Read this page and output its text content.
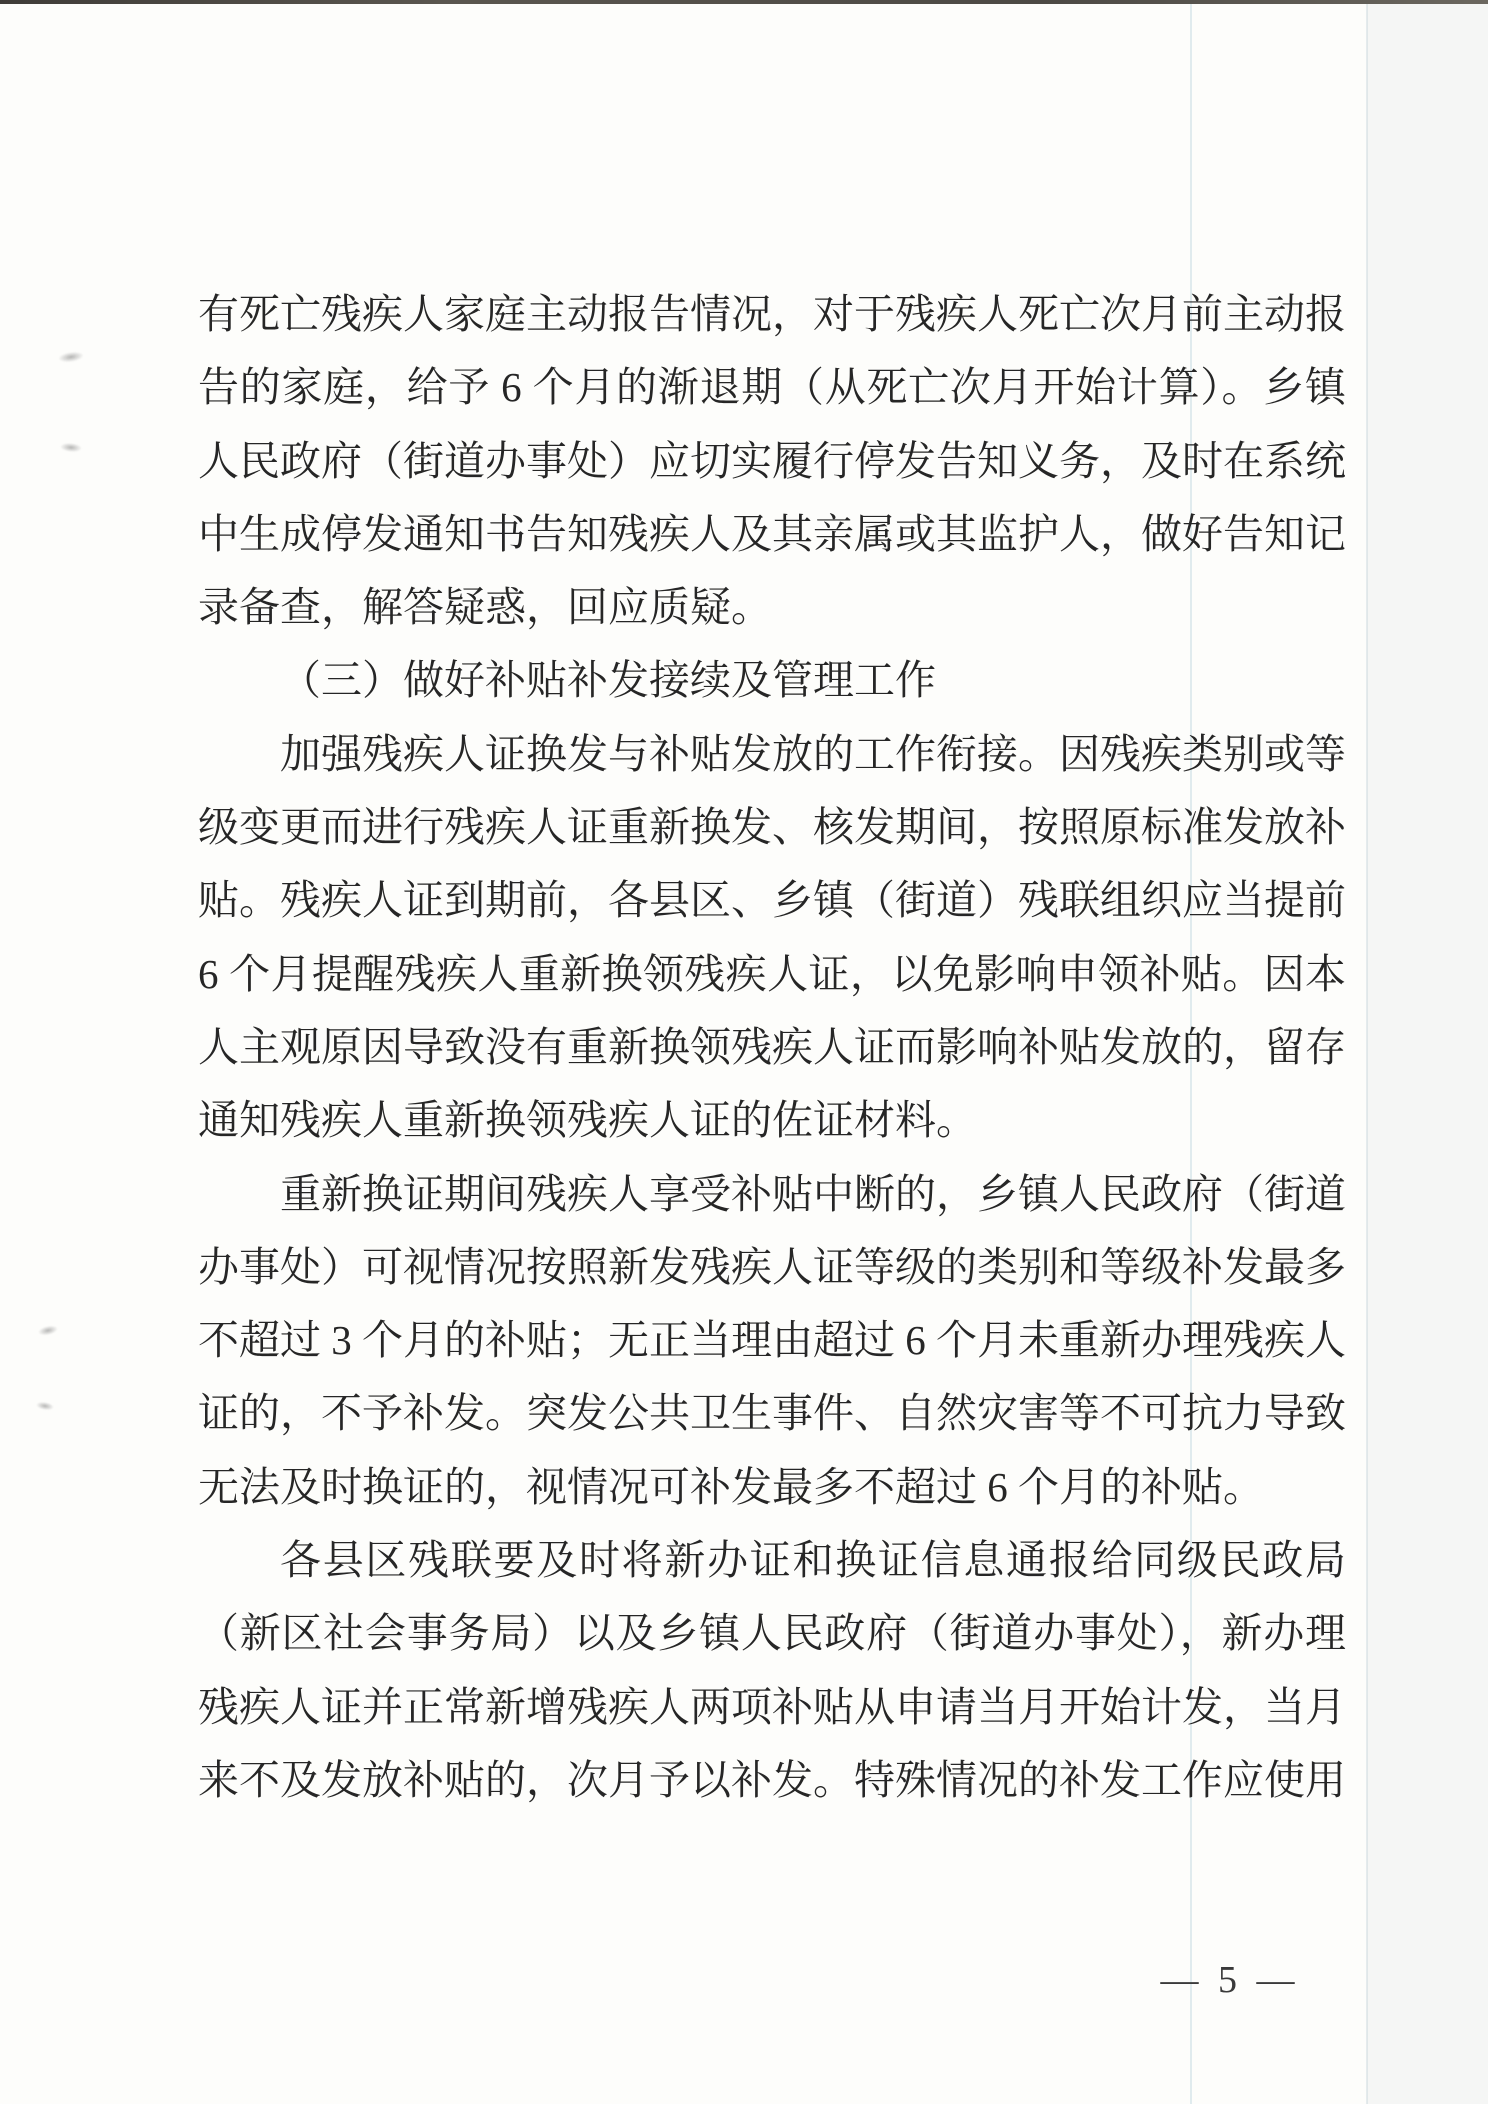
有死亡残疾人家庭主动报告情况，对于残疾人死亡次月前主动报
告的家庭，给予 6 个月的渐退期（从死亡次月开始计算）。乡镇
人民政府（街道办事处）应切实履行停发告知义务，及时在系统
中生成停发通知书告知残疾人及其亲属或其监护人，做好告知记
录备查，解答疑惑，回应质疑。
（三）做好补贴补发接续及管理工作
加强残疾人证换发与补贴发放的工作衔接。因残疾类别或等
级变更而进行残疾人证重新换发、核发期间，按照原标准发放补
贴。残疾人证到期前，各县区、乡镇（街道）残联组织应当提前
6 个月提醒残疾人重新换领残疾人证，以免影响申领补贴。因本
人主观原因导致没有重新换领残疾人证而影响补贴发放的，留存
通知残疾人重新换领残疾人证的佐证材料。
重新换证期间残疾人享受补贴中断的，乡镇人民政府（街道
办事处）可视情况按照新发残疾人证等级的类别和等级补发最多
不超过 3 个月的补贴；无正当理由超过 6 个月未重新办理残疾人
证的，不予补发。突发公共卫生事件、自然灾害等不可抗力导致
无法及时换证的，视情况可补发最多不超过 6 个月的补贴。
各县区残联要及时将新办证和换证信息通报给同级民政局
（新区社会事务局）以及乡镇人民政府（街道办事处），新办理
残疾人证并正常新增残疾人两项补贴从申请当月开始计发，当月
来不及发放补贴的，次月予以补发。特殊情况的补发工作应使用
— 5 —
